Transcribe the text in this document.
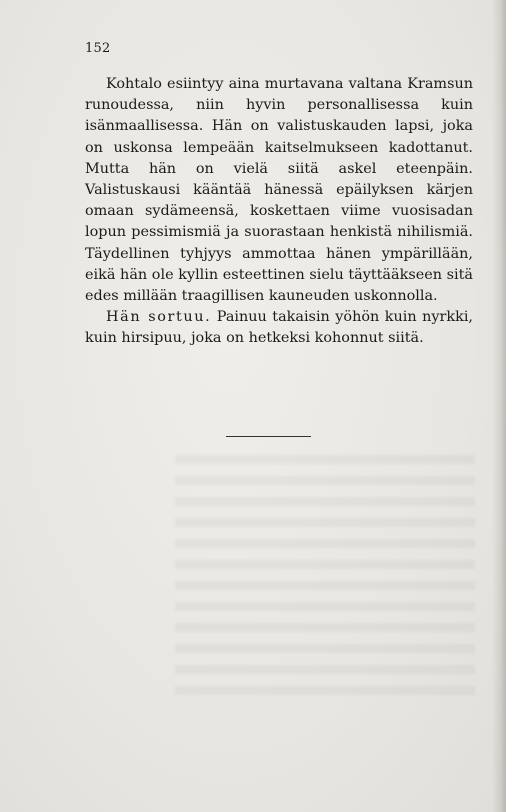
152

Kohtalo esiintyy aina murtavana valtana Kramsun runoudessa, niin hyvin personallisessa kuin isänmaallisessa. Hän on valistuskauden lapsi, joka on uskonsa lempeään kaitselmukseen kadottanut. Mutta hän on vielä siitä askel eteenpäin. Valistuskausi kääntää hänessä epäilyksen kärjen omaan sydämeensä, koskettaen viime vuosisadan lopun pessimismiä ja suorastaan henkistä nihilismiä. Täydellinen tyhjyys ammottaa hänen ympärillään, eikä hän ole kyllin esteettinen sielu täyttääkseen sitä edes millään traagillisen kauneuden uskonnolla.

Hän sortuu. Painuu takaisin yöhön kuin nyrkki, kuin hirsipuu, joka on hetkeksi kohonnut siitä.
